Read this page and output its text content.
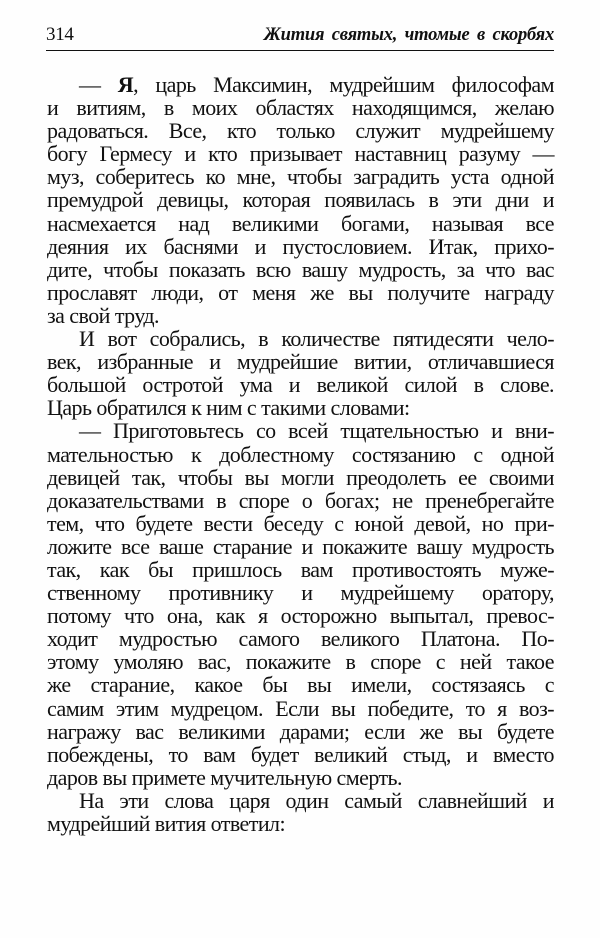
314	Жития святых, чтомые в скорбях
— Я, царь Максимин, мудрейшим философам
и витиям, в моих областях находящимся, желаю
радоваться. Все, кто только служит мудрейшему
богу Гермесу и кто призывает наставниц разуму —
муз, соберитесь ко мне, чтобы заградить уста одной
премудрой девицы, которая появилась в эти дни и
насмехается над великими богами, называя все
деяния их баснями и пустословием. Итак, прихо-
дите, чтобы показать всю вашу мудрость, за что вас
прославят люди, от меня же вы получите награду
за свой труд.
И вот собрались, в количестве пятидесяти чело-
век, избранные и мудрейшие витии, отличавшиеся
большой остротой ума и великой силой в слове.
Царь обратился к ним с такими словами:
— Приготовьтесь со всей тщательностью и вни-
мательностью к доблестному состязанию с одной
девицей так, чтобы вы могли преодолеть ее своими
доказательствами в споре о богах; не пренебрегайте
тем, что будете вести беседу с юной девой, но при-
ложите все ваше старание и покажите вашу мудрость
так, как бы пришлось вам противостоять муже-
ственному противнику и мудрейшему оратору,
потому что она, как я осторожно выпытал, превос-
ходит мудростью самого великого Платона. По-
этому умоляю вас, покажите в споре с ней такое
же старание, какое бы вы имели, состязаясь с
самим этим мудрецом. Если вы победите, то я воз-
награжу вас великими дарами; если же вы будете
побеждены, то вам будет великий стыд, и вместо
даров вы примете мучительную смерть.
На эти слова царя один самый славнейший и
мудрейший вития ответил:
